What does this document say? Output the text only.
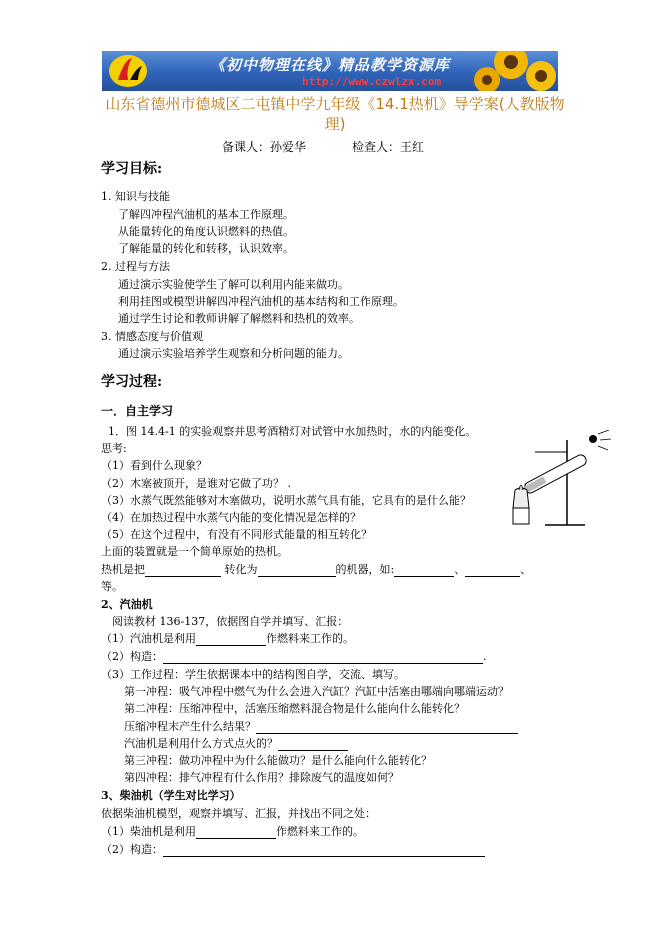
《初中物理在线》精品教学资源库
http://www.czwlzx.com
山东省德州市德城区二屯镇中学九年级《14.1热机》导学案(人教版物理)
备课人：孙爱华	检查人：王红
学习目标:
1. 知识与技能
了解四冲程汽油机的基本工作原理。
从能量转化的角度认识燃料的热值。
了解能量的转化和转移，认识效率。
2. 过程与方法
通过演示实验使学生了解可以利用内能来做功。
利用挂图或模型讲解四冲程汽油机的基本结构和工作原理。
通过学生讨论和教师讲解了解燃料和热机的效率。
3. 情感态度与价值观
通过演示实验培养学生观察和分析问题的能力。
学习过程:
一．自主学习
1．图 14.4-1 的实验观察并思考酒精灯对试管中水加热时，水的内能变化。
思考:
（1）看到什么现象？
（2）木塞被顶开，是谁对它做了功？ .
（3）水蒸气既然能够对木塞做功，说明水蒸气具有能，它具有的是什么能？
（4）在加热过程中水蒸气内能的变化情况是怎样的？
（5）在这个过程中，有没有不同形式能量的相互转化？
上面的装置就是一个简单原始的热机。
热机是把	转化为	的机器，如:	、	、
等。
2、汽油机
阅读教材 136-137，依据图自学并填写、汇报：
（1）汽油机是利用	作燃料来工作的。
（2）构造：	.
（3）工作过程：学生依据课本中的结构图自学，交流、填写。
第一冲程：吸气冲程中燃气为什么会进入汽缸？汽缸中活塞由哪端向哪端运动？
第二冲程：压缩冲程中，活塞压缩燃料混合物是什么能向什么能转化？
压缩冲程末产生什么结果？
汽油机是利用什么方式点火的？
第三冲程：做功冲程中为什么能做功？是什么能向什么能转化？
第四冲程：排气冲程有什么作用？排除废气的温度如何？
3、柴油机（学生对比学习）
依据柴油机模型，观察并填写、汇报，并找出不同之处：
（1）柴油机是利用	作燃料来工作的。
（2）构造：
